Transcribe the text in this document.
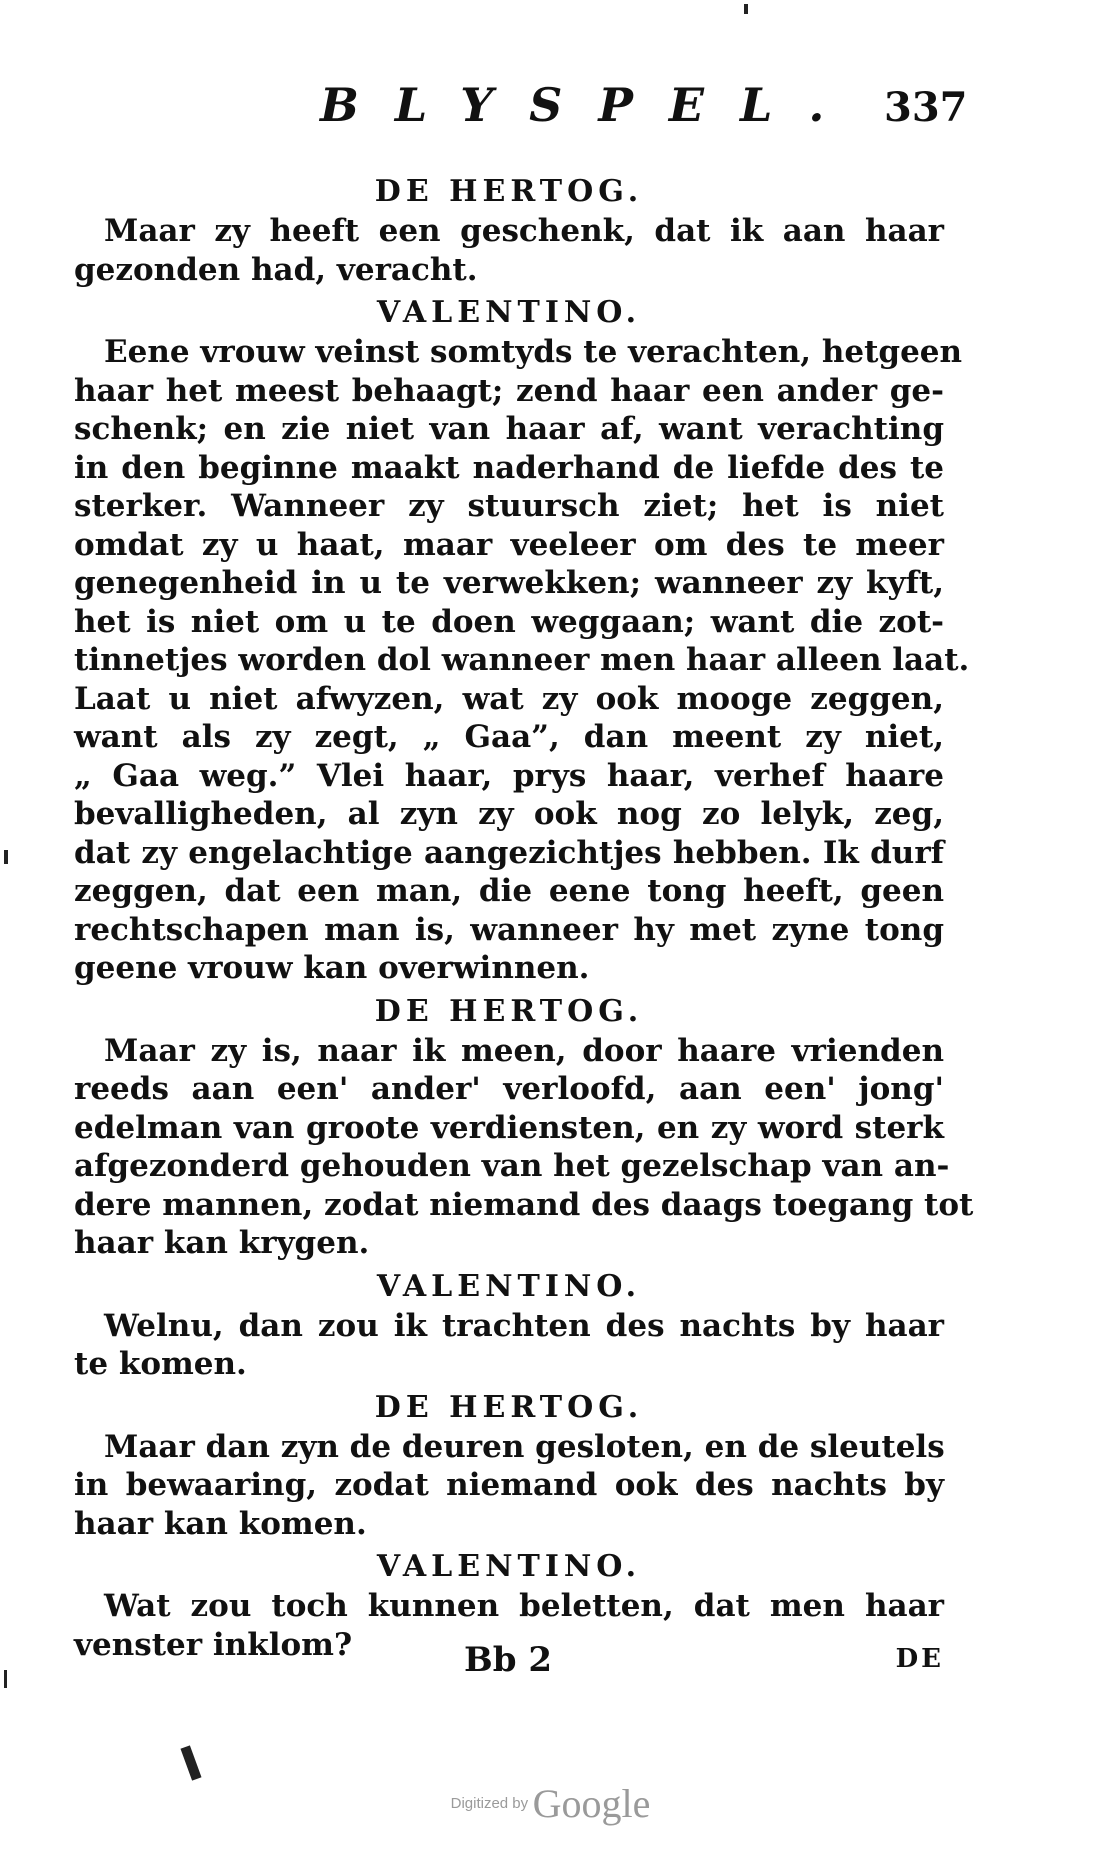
BLYSPEL. 337
DE HERTOG.
Maar zy heeft een geschenk, dat ik aan haar
gezonden had, veracht.
VALENTINO.
Eene vrouw veinst somtyds te verachten, hetgeen
haar het meest behaagt; zend haar een ander ge-
schenk; en zie niet van haar af, want verachting
in den beginne maakt naderhand de liefde des te
sterker. Wanneer zy stuursch ziet; het is niet
omdat zy u haat, maar veeleer om des te meer
genegenheid in u te verwekken; wanneer zy kyft,
het is niet om u te doen weggaan; want die zot-
tinnetjes worden dol wanneer men haar alleen laat.
Laat u niet afwyzen, wat zy ook mooge zeggen,
want als zy zegt, „ Gaa”, dan meent zy niet,
„ Gaa weg.” Vlei haar, prys haar, verhef haare
bevalligheden, al zyn zy ook nog zo lelyk, zeg,
dat zy engelachtige aangezichtjes hebben. Ik durf
zeggen, dat een man, die eene tong heeft, geen
rechtschapen man is, wanneer hy met zyne tong
geene vrouw kan overwinnen.
DE HERTOG.
Maar zy is, naar ik meen, door haare vrienden
reeds aan een' ander' verloofd, aan een' jong'
edelman van groote verdiensten, en zy word sterk
afgezonderd gehouden van het gezelschap van an-
dere mannen, zodat niemand des daags toegang tot
haar kan krygen.
VALENTINO.
Welnu, dan zou ik trachten des nachts by haar
te komen.
DE HERTOG.
Maar dan zyn de deuren gesloten, en de sleutels
in bewaaring, zodat niemand ook des nachts by
haar kan komen.
VALENTINO.
Wat zou toch kunnen beletten, dat men haar
venster inklom?	Bb 2	DE
Digitized by Google
